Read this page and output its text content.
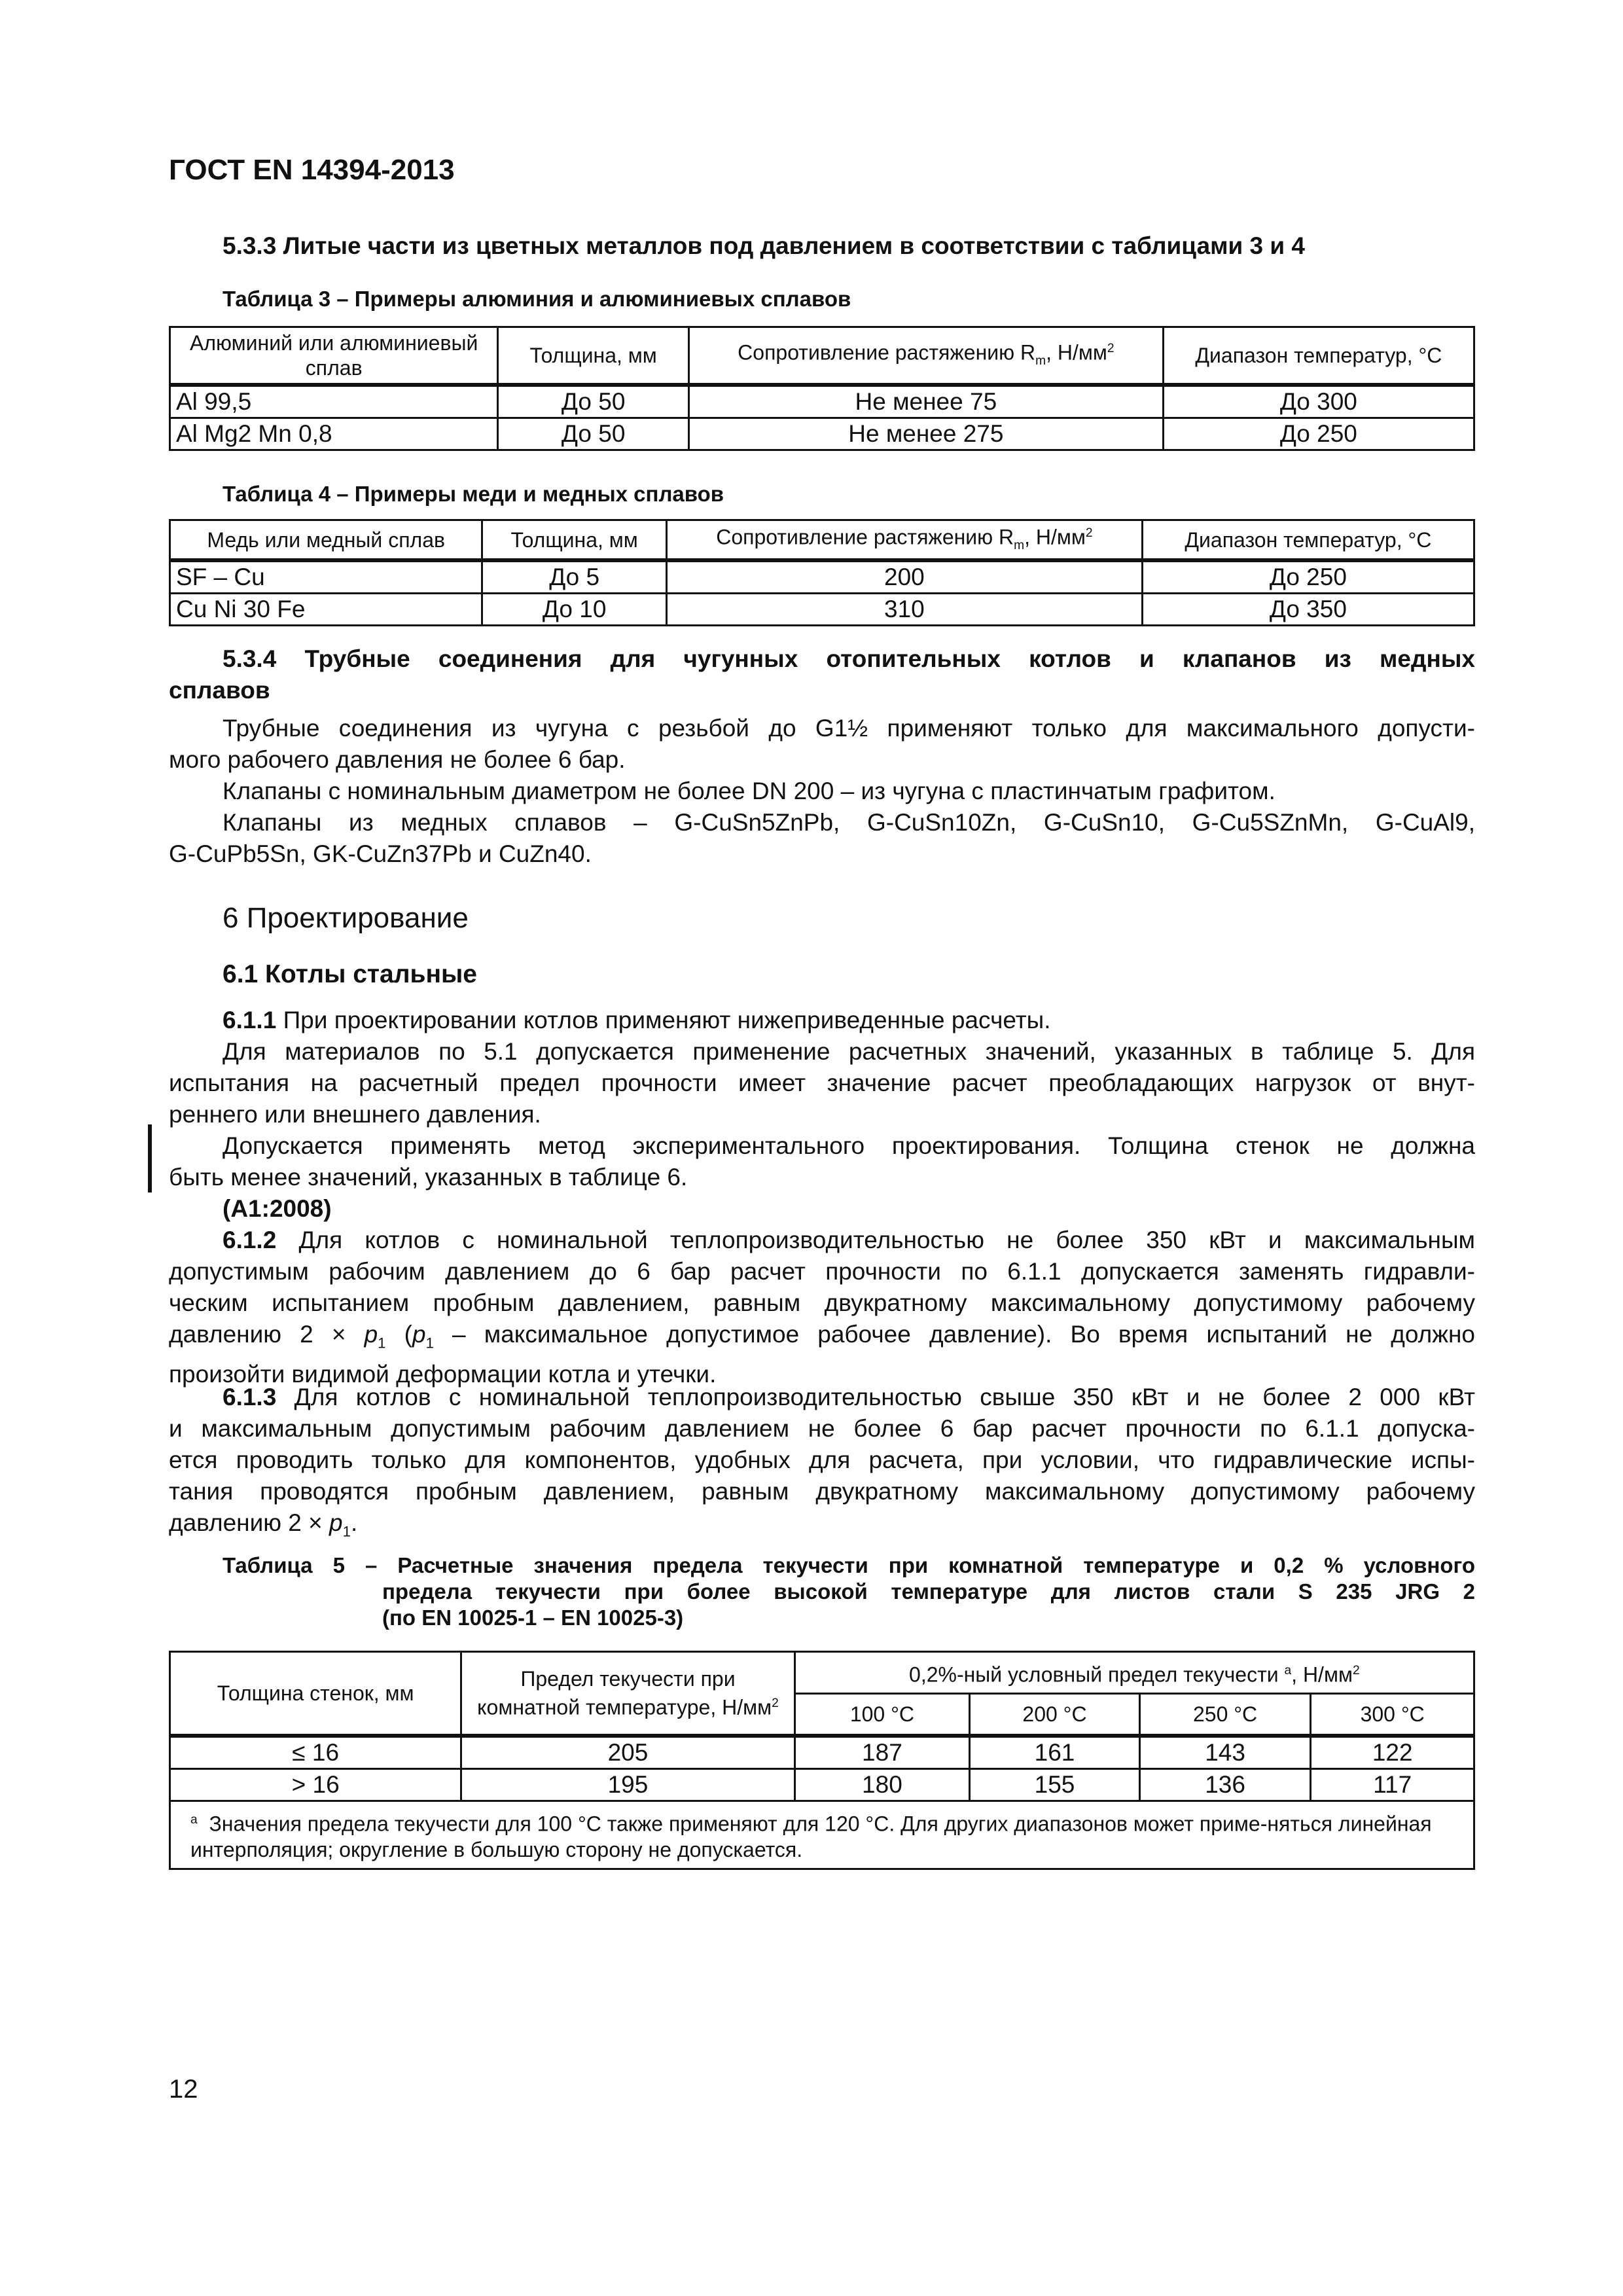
ГОСТ EN 14394-2013
5.3.3 Литые части из цветных металлов под давлением в соответствии с таблицами 3 и 4
Таблица 3 – Примеры алюминия и алюминиевых сплавов
Алюминий или алюминиевый сплав	Толщина, мм	Сопротивление растяжению $R_m$, $Н/мм^2$	Диапазон температур, °С
Al 99,5	До 50	Не менее 75	До 300
Al Mg2 Mn 0,8	До 50	Не менее 275	До 250
Таблица 4 – Примеры меди и медных сплавов
Медь или медный сплав	Толщина, мм	Сопротивление растяжению $R_m$, $Н/мм^2$	Диапазон температур, °С
SF – Cu	До 5	200	До 250
Cu Ni 30 Fe	До 10	310	До 350
5.3.4 Трубные соединения для чугунных отопительных котлов и клапанов из медных
сплавов
Трубные соединения из чугуна с резьбой до G1½ применяют только для максимального допусти-
мого рабочего давления не более 6 бар.
Клапаны с номинальным диаметром не более DN 200 – из чугуна с пластинчатым графитом.
Клапаны из медных сплавов – G-CuSn5ZnPb, G-CuSn10Zn, G-CuSn10, G-Cu5SZnMn, G-CuAl9,
G-CuPb5Sn, GK-CuZn37Pb и CuZn40.
6 Проектирование
6.1 Котлы стальные
6.1.1 При проектировании котлов применяют нижеприведенные расчеты.
Для материалов по 5.1 допускается применение расчетных значений, указанных в таблице 5. Для
испытания на расчетный предел прочности имеет значение расчет преобладающих нагрузок от внут-
реннего или внешнего давления.
Допускается применять метод экспериментального проектирования. Толщина стенок не должна
быть менее значений, указанных в таблице 6.
(A1:2008)
6.1.2 Для котлов с номинальной теплопроизводительностью не более 350 кВт и максимальным
допустимым рабочим давлением до 6 бар расчет прочности по 6.1.1 допускается заменять гидравли-
ческим испытанием пробным давлением, равным двукратному максимальному допустимому рабочему
давлению $2 \times p_1$ ($p_1$ – максимальное допустимое рабочее давление). Во время испытаний не должно
произойти видимой деформации котла и утечки.
6.1.3 Для котлов с номинальной теплопроизводительностью свыше 350 кВт и не более 2 000 кВт
и максимальным допустимым рабочим давлением не более 6 бар расчет прочности по 6.1.1 допуска-
ется проводить только для компонентов, удобных для расчета, при условии, что гидравлические испы-
тания проводятся пробным давлением, равным двукратному максимальному допустимому рабочему
давлению $2 \times p_1$.
Таблица 5 – Расчетные значения предела текучести при комнатной температуре и 0,2 % условного
предела текучести при более высокой температуре для листов стали S 235 JRG 2
(по EN 10025-1 – EN 10025-3)
Толщина стенок, мм	Предел текучести при комнатной температуре, $Н/мм^2$	0,2%-ный условный предел текучести $^a$, $Н/мм^2$
		100 °С	200 °С	250 °С	300 °С
≤ 16	205	187	161	143	122
> 16	195	180	155	136	117
$^a$ Значения предела текучести для 100 °С также применяют для 120 °С. Для других диапазонов может приме-няться линейная интерполяция; округление в большую сторону не допускается.					
12
